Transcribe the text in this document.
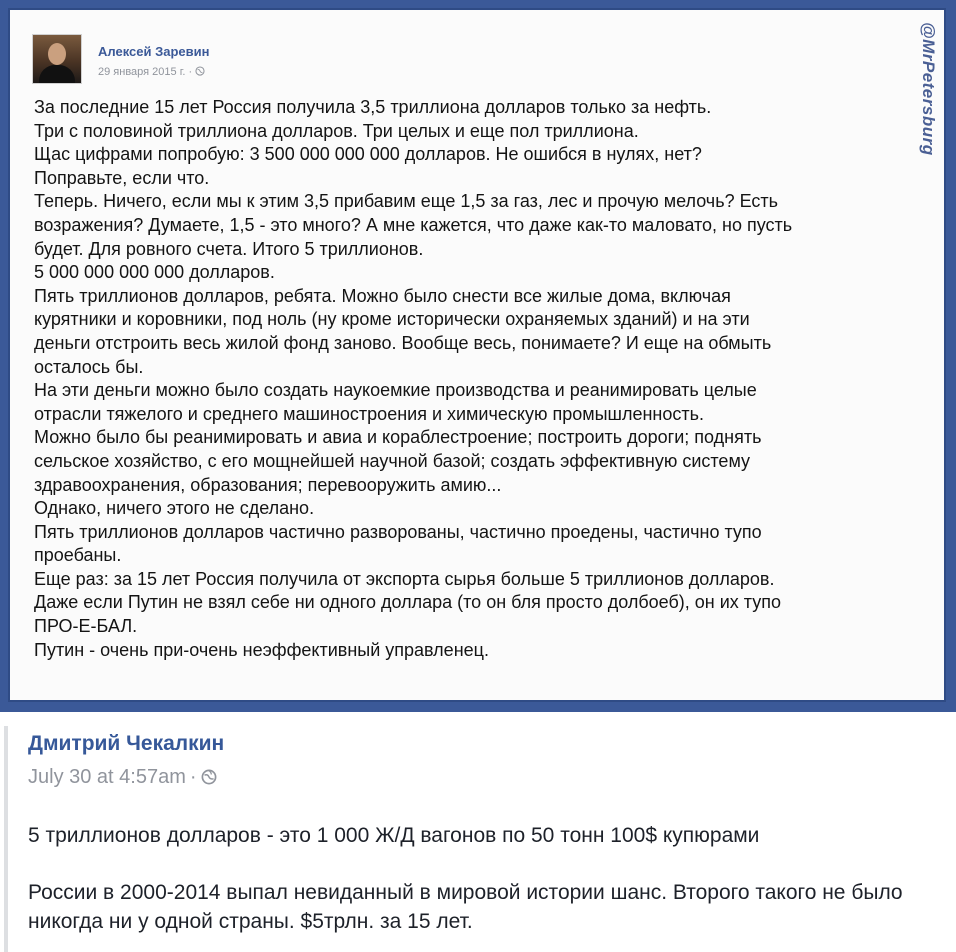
@MrPetersburg
Алексей Заревин
29 января 2015 г. ·

За последние 15 лет Россия получила 3,5 триллиона долларов только за нефть.

Три с половиной триллиона долларов. Три целых и еще пол триллиона.

Щас цифрами попробую: 3 500 000 000 000 долларов. Не ошибся в нулях, нет?

Поправьте, если что.

Теперь. Ничего, если мы к этим 3,5 прибавим еще 1,5 за газ, лес и прочую мелочь? Есть

возражения? Думаете, 1,5 - это много? А мне кажется, что даже как-то маловато, но пусть

будет. Для ровного счета. Итого 5 триллионов.

5 000 000 000 000 долларов.

Пять триллионов долларов, ребята. Можно было снести все жилые дома, включая

курятники и коровники, под ноль (ну кроме исторически охраняемых зданий) и на эти

деньги отстроить весь жилой фонд заново. Вообще весь, понимаете? И еще на обмыть

осталось бы.

На эти деньги можно было создать наукоемкие производства и реанимировать целые

отрасли тяжелого и среднего машиностроения и химическую промышленность.

Можно было бы реанимировать и авиа и кораблестроение; построить дороги; поднять

сельское хозяйство, с его мощнейшей научной базой; создать эффективную систему

здравоохранения, образования; перевооружить амию...

Однако, ничего этого не сделано.

Пять триллионов долларов частично разворованы, частично проедены, частично тупо

проебаны.

Еще раз: за 15 лет Россия получила от экспорта сырья больше 5 триллионов долларов.

Даже если Путин не взял себе ни одного доллара (то он бля просто долбоеб), он их тупо

ПРО-Е-БАЛ.

Путин - очень при-очень неэффективный управленец.

Дмитрий Чекалкин
July 30 at 4:57am ·
5 триллионов долларов - это 1 000 Ж/Д вагонов по 50 тонн 100$ купюрами
России в 2000-2014 выпал невиданный в мировой истории шанс. Второго такого не было никогда ни у одной страны. $5трлн. за 15 лет.
